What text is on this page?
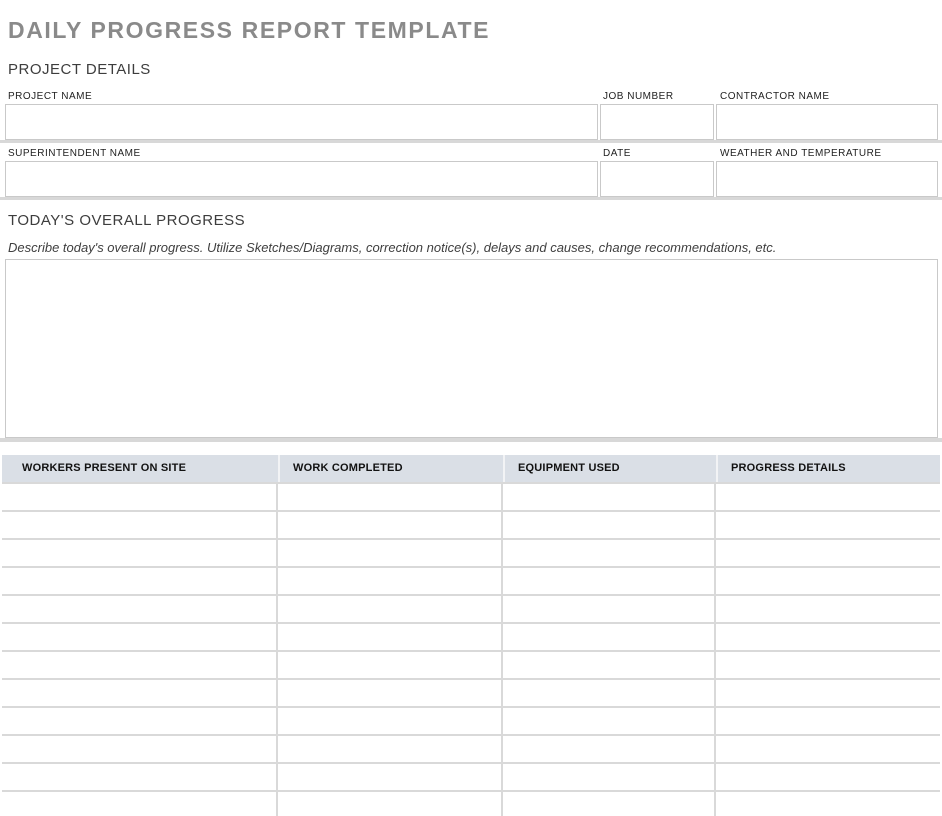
DAILY PROGRESS REPORT TEMPLATE
PROJECT DETAILS
PROJECT NAME	JOB NUMBER	CONTRACTOR NAME
SUPERINTENDENT NAME	DATE	WEATHER AND TEMPERATURE
TODAY'S OVERALL PROGRESS
Describe today's overall progress. Utilize Sketches/Diagrams, correction notice(s), delays and causes, change recommendations, etc.
WORKERS PRESENT ON SITE	WORK COMPLETED	EQUIPMENT USED	PROGRESS DETAILS
